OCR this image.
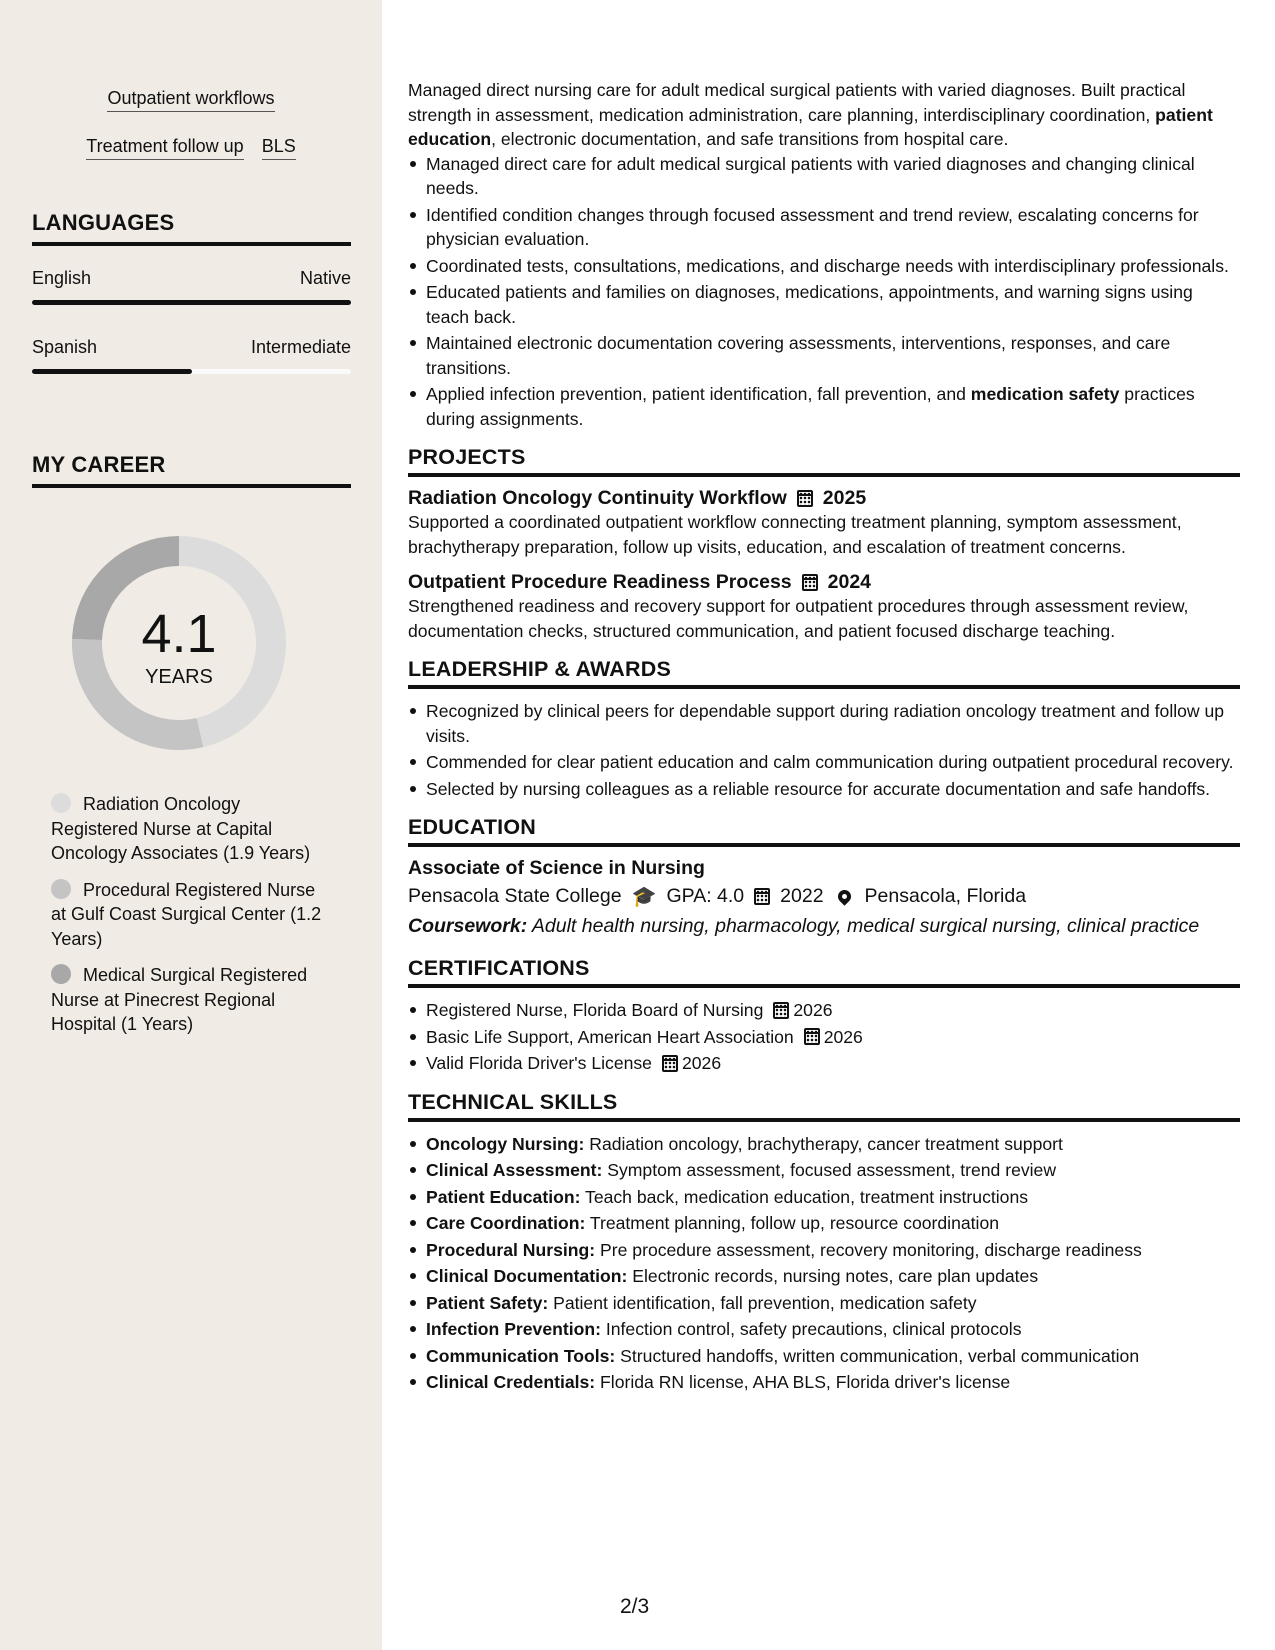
Outpatient workflows
Treatment follow up BLS
LANGUAGES
English	Native
Spanish	Intermediate
MY CAREER
4.1
YEARS
Radiation Oncology Registered Nurse at Capital Oncology Associates (1.9 Years)
Procedural Registered Nurse at Gulf Coast Surgical Center (1.2 Years)
Medical Surgical Registered Nurse at Pinecrest Regional Hospital (1 Years)

Managed direct nursing care for adult medical surgical patients with varied diagnoses. Built practical strength in assessment, medication administration, care planning, interdisciplinary coordination, patient education, electronic documentation, and safe transitions from hospital care.

Managed direct care for adult medical surgical patients with varied diagnoses and changing clinical needs.
Identified condition changes through focused assessment and trend review, escalating concerns for physician evaluation.
Coordinated tests, consultations, medications, and discharge needs with interdisciplinary professionals.
Educated patients and families on diagnoses, medications, appointments, and warning signs using teach back.
Maintained electronic documentation covering assessments, interventions, responses, and care transitions.
Applied infection prevention, patient identification, fall prevention, and medication safety practices during assignments.
PROJECTS
Radiation Oncology Continuity Workflow 2025

Supported a coordinated outpatient workflow connecting treatment planning, symptom assessment, brachytherapy preparation, follow up visits, education, and escalation of treatment concerns.

Outpatient Procedure Readiness Process 2024

Strengthened readiness and recovery support for outpatient procedures through assessment review, documentation checks, structured communication, and patient focused discharge teaching.

LEADERSHIP & AWARDS
Recognized by clinical peers for dependable support during radiation oncology treatment and follow up visits.
Commended for clear patient education and calm communication during outpatient procedural recovery.
Selected by nursing colleagues as a reliable resource for accurate documentation and safe handoffs.
EDUCATION
Associate of Science in Nursing
Pensacola State College 🎓 GPA: 4.0 2022 Pensacola, Florida
Coursework: Adult health nursing, pharmacology, medical surgical nursing, clinical practice
CERTIFICATIONS
Registered Nurse, Florida Board of Nursing 2026
Basic Life Support, American Heart Association 2026
Valid Florida Driver's License 2026
TECHNICAL SKILLS
Oncology Nursing: Radiation oncology, brachytherapy, cancer treatment support
Clinical Assessment: Symptom assessment, focused assessment, trend review
Patient Education: Teach back, medication education, treatment instructions
Care Coordination: Treatment planning, follow up, resource coordination
Procedural Nursing: Pre procedure assessment, recovery monitoring, discharge readiness
Clinical Documentation: Electronic records, nursing notes, care plan updates
Patient Safety: Patient identification, fall prevention, medication safety
Infection Prevention: Infection control, safety precautions, clinical protocols
Communication Tools: Structured handoffs, written communication, verbal communication
Clinical Credentials: Florida RN license, AHA BLS, Florida driver's license
2/3
